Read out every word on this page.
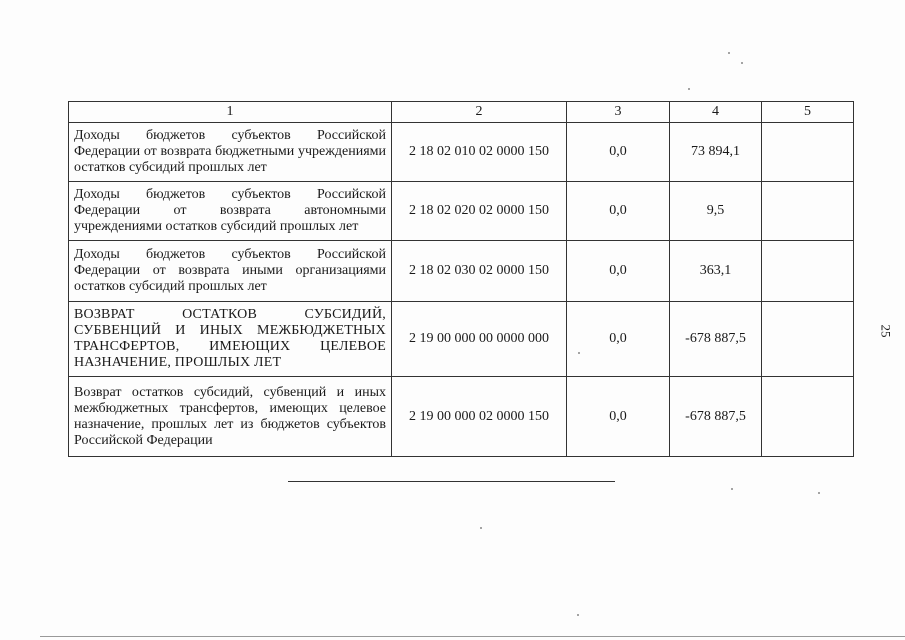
1	2	3	4	5
Доходы бюджетов субъектов Российской Федерации от возврата бюджетными учреждениями остатков субсидий прошлых лет	2 18 02 010 02 0000 150	0,0	73 894,1	
Доходы бюджетов субъектов Российской Федерации от возврата автономными учреждениями остатков субсидий прошлых лет	2 18 02 020 02 0000 150	0,0	9,5	
Доходы бюджетов субъектов Российской Федерации от возврата иными организациями остатков субсидий прошлых лет	2 18 02 030 02 0000 150	0,0	363,1	
ВОЗВРАТ ОСТАТКОВ СУБСИДИЙ, СУБВЕНЦИЙ И ИНЫХ МЕЖБЮДЖЕТНЫХ ТРАНСФЕРТОВ, ИМЕЮЩИХ ЦЕЛЕВОЕ НАЗНАЧЕНИЕ, ПРОШЛЫХ ЛЕТ	2 19 00 000 00 0000 000	0,0	-678 887,5	
Возврат остатков субсидий, субвенций и иных межбюджетных трансфертов, имеющих целевое назначение, прошлых лет из бюджетов субъектов Российской Федерации	2 19 00 000 02 0000 150	0,0	-678 887,5	
25
